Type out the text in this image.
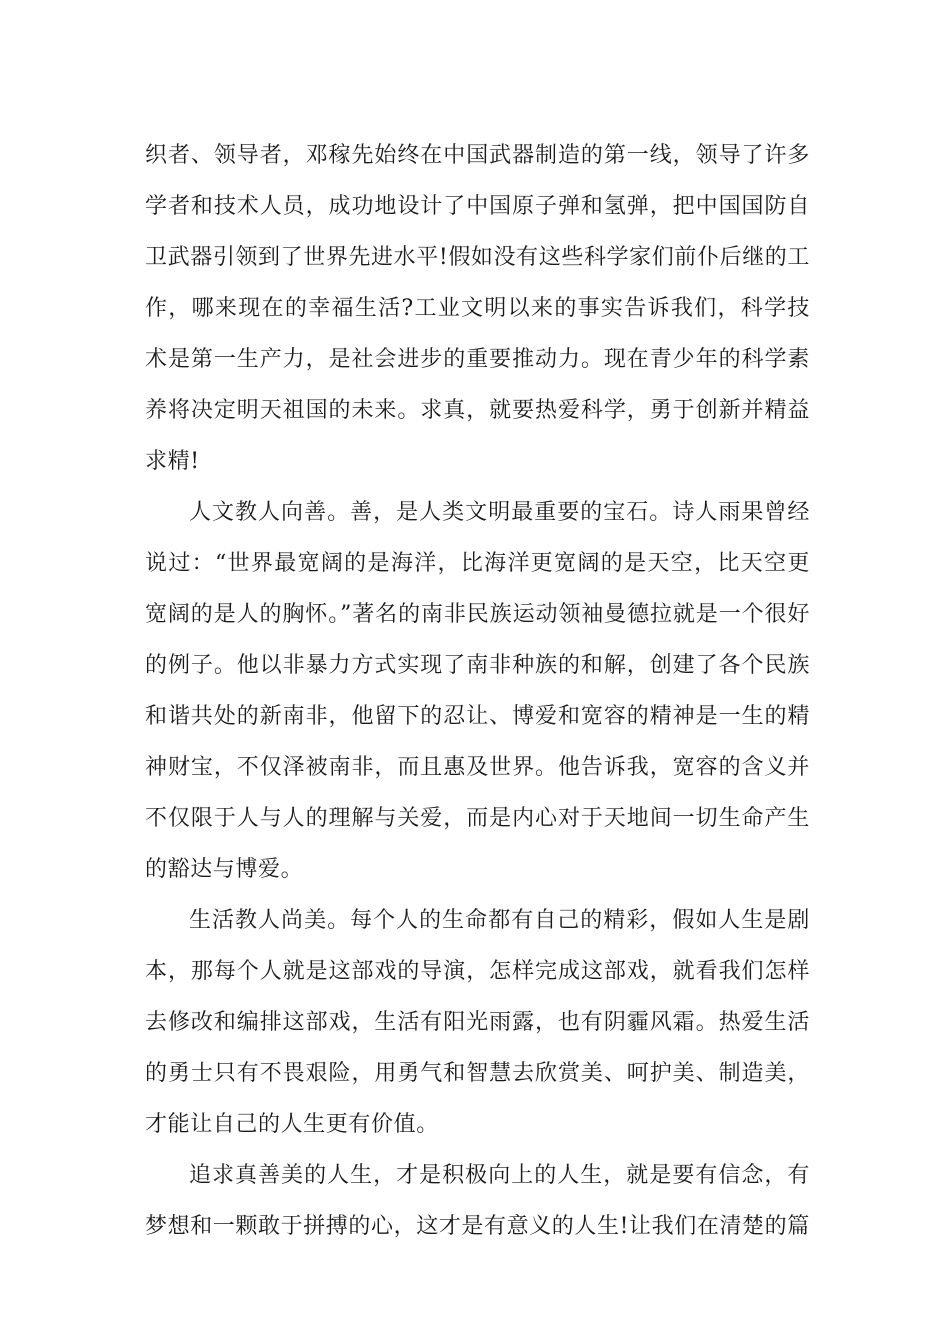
织者、领导者，邓稼先始终在中国武器制造的第一线，领导了许多学者和技术人员，成功地设计了中国原子弹和氢弹，把中国国防自卫武器引领到了世界先进水平!假如没有这些科学家们前仆后继的工作，哪来现在的幸福生活?工业文明以来的事实告诉我们，科学技术是第一生产力，是社会进步的重要推动力。现在青少年的科学素养将决定明天祖国的未来。求真，就要热爱科学，勇于创新并精益求精!

人文教人向善。善，是人类文明最重要的宝石。诗人雨果曾经说过：“世界最宽阔的是海洋，比海洋更宽阔的是天空，比天空更宽阔的是人的胸怀。”著名的南非民族运动领袖曼德拉就是一个很好的例子。他以非暴力方式实现了南非种族的和解，创建了各个民族和谐共处的新南非，他留下的忍让、博爱和宽容的精神是一生的精神财宝，不仅泽被南非，而且惠及世界。他告诉我，宽容的含义并不仅限于人与人的理解与关爱，而是内心对于天地间一切生命产生的豁达与博爱。

生活教人尚美。每个人的生命都有自己的精彩，假如人生是剧本，那每个人就是这部戏的导演，怎样完成这部戏，就看我们怎样去修改和编排这部戏，生活有阳光雨露，也有阴霾风霜。热爱生活的勇士只有不畏艰险，用勇气和智慧去欣赏美、呵护美、制造美，才能让自己的人生更有价值。

追求真善美的人生，才是积极向上的人生，就是要有信念，有梦想和一颗敢于拼搏的心，这才是有意义的人生!让我们在清楚的篇
